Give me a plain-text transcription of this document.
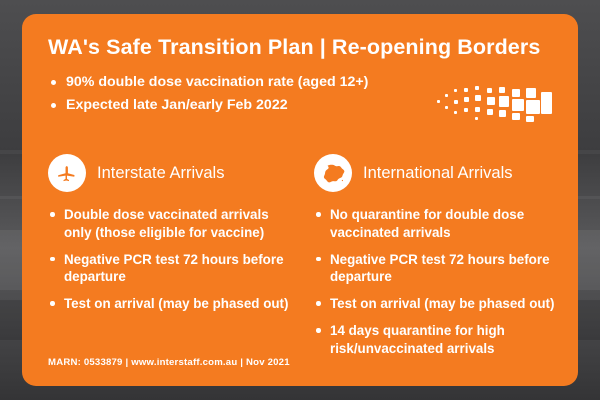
WA's Safe Transition Plan | Re-opening Borders
90% double dose vaccination rate (aged 12+)
Expected late Jan/early Feb 2022
Interstate Arrivals
Double dose vaccinated arrivals only (those eligible for vaccine)
Negative PCR test 72 hours before departure
Test on arrival (may be phased out)
International Arrivals
No quarantine for double dose vaccinated arrivals
Negative PCR test 72 hours before departure
Test on arrival (may be phased out)
14 days quarantine for high risk/unvaccinated arrivals
MARN: 0533879 | www.interstaff.com.au | Nov 2021
